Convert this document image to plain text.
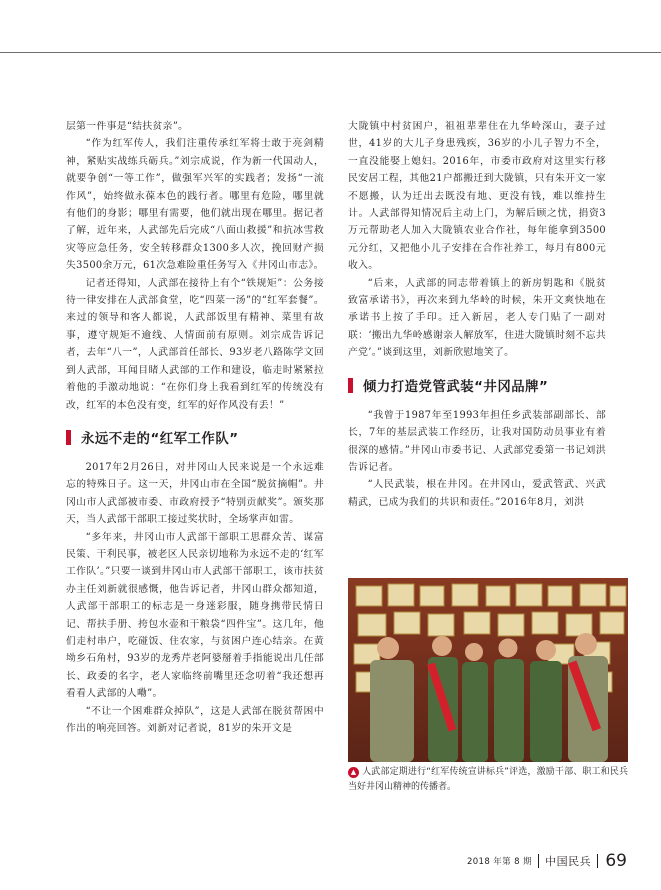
层第一件事是“结扶贫亲”。

“作为红军传人，我们注重传承红军将士敢于亮剑精神，紧贴实战练兵砺兵。”刘宗成说，作为新一代国动人，就要争创“一等工作”，做强军兴军的实践者；发扬“一流作风”，始终做永葆本色的践行者。哪里有危险，哪里就有他们的身影；哪里有需要，他们就出现在哪里。据记者了解，近年来，人武部先后完成“八面山救援”和抗冰雪救灾等应急任务，安全转移群众1300多人次，挽回财产损失3500余万元，61次急难险重任务写入《井冈山市志》。

记者还得知，人武部在接待上有个“铁规矩”：公务接待一律安排在人武部食堂，吃“四菜一汤”的“红军套餐”。来过的领导和客人都说，人武部饭里有精神、菜里有故事，遵守规矩不逾线、人情面前有原则。刘宗成告诉记者，去年“八一”，人武部首任部长、93岁老八路陈学文回到人武部，耳闻目睹人武部的工作和建设，临走时紧紧拉着他的手激动地说：“在你们身上我看到红军的传统没有改，红军的本色没有变，红军的好作风没有丢！”

永远不走的“红军工作队”

2017年2月26日，对井冈山人民来说是一个永远难忘的特殊日子。这一天，井冈山市在全国“脱贫摘帽”。井冈山市人武部被市委、市政府授予“特别贡献奖”。颁奖那天，当人武部干部职工接过奖状时，全场掌声如雷。

“多年来，井冈山市人武部干部职工思群众苦、谋富民策、干利民事，被老区人民亲切地称为永远不走的‘红军工作队’。”只要一谈到井冈山市人武部干部职工，该市扶贫办主任刘新就很感慨，他告诉记者，井冈山群众都知道，人武部干部职工的标志是一身迷彩服，随身携带民情日记、帮扶手册、挎包水壶和干粮袋“四件宝”。这几年，他们走村串户，吃碰饭、住农家，与贫困户连心结亲。在黄坳乡石角村，93岁的龙秀芹老阿婆掰着手指能说出几任部长、政委的名字，老人家临终前嘴里还念叨着“我还想再看看人武部的人嘞”。

“不让一个困难群众掉队”，这是人武部在脱贫帮困中作出的响亮回答。刘新对记者说，81岁的朱开文是

大陇镇中村贫困户，祖祖辈辈住在九华岭深山，妻子过世，41岁的大儿子身患残疾，36岁的小儿子智力不全，一直没能娶上媳妇。2016年，市委市政府对这里实行移民安居工程，其他21户都搬迁到大陇镇，只有朱开文一家不愿搬，认为迁出去既没有地、更没有钱，难以维持生计。人武部得知情况后主动上门，为解后顾之忧，捐资3万元帮助老人加入大陇镇农业合作社，每年能拿到3500元分红，又把他小儿子安排在合作社养工，每月有800元收入。

“后来，人武部的同志带着镇上的新房钥匙和《脱贫致富承诺书》，再次来到九华岭的时候，朱开文爽快地在承诺书上按了手印。迁入新居，老人专门贴了一副对联：‘搬出九华岭感谢亲人解放军，住进大陇镇时刻不忘共产党’。”谈到这里，刘新欣慰地笑了。

倾力打造党管武装“井冈品牌”

“我曾于1987年至1993年担任乡武装部副部长、部长，7年的基层武装工作经历，让我对国防动员事业有着很深的感情。”井冈山市委书记、人武部党委第一书记刘洪告诉记者。

“人民武装，根在井冈。在井冈山，爱武管武、兴武精武，已成为我们的共识和责任。”2016年8月，刘洪

▲ 人武部定期进行“红军传统宣讲标兵”评选，激励干部、职工和民兵当好井冈山精神的传播者。
2018 年第 8 期 中国民兵 69
